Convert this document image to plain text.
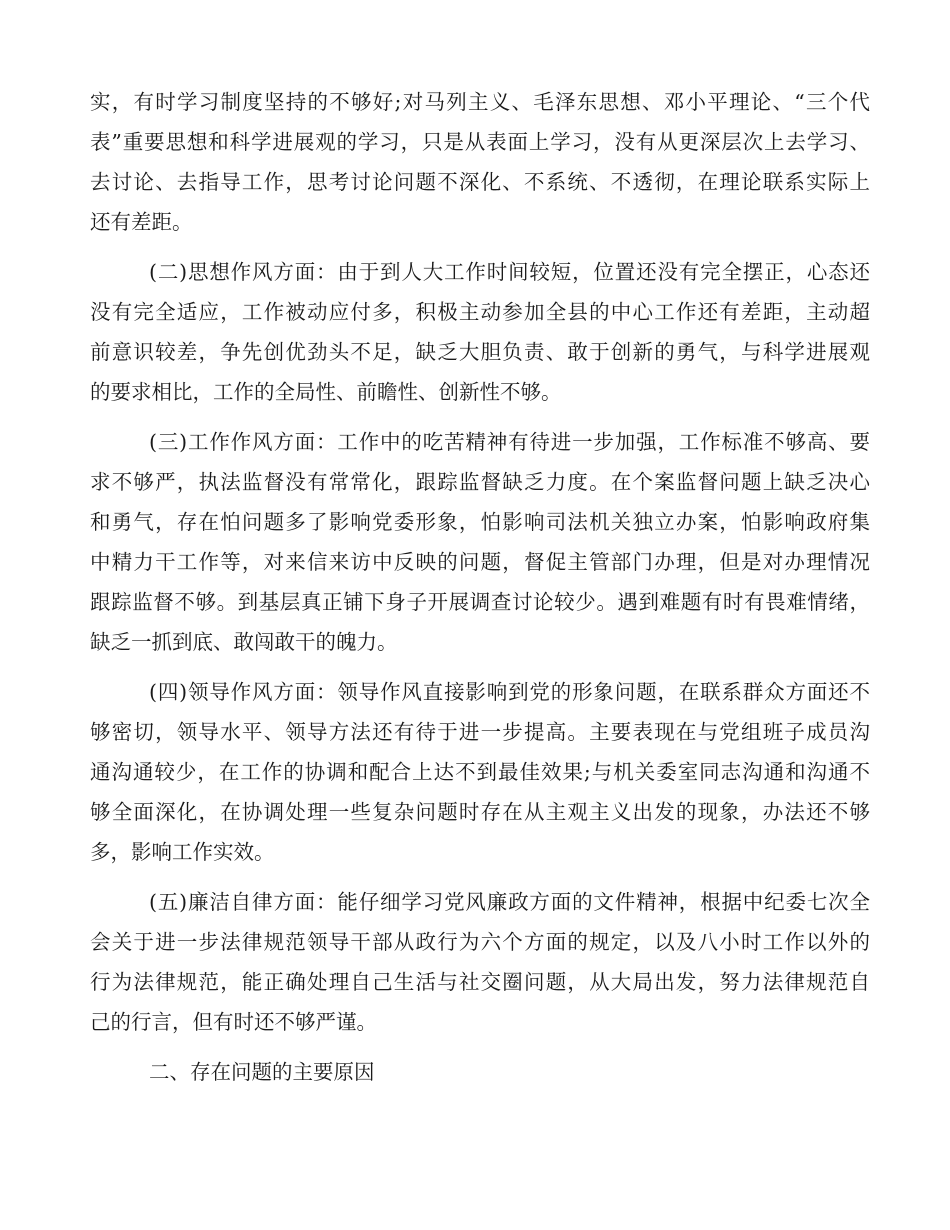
实，有时学习制度坚持的不够好;对马列主义、毛泽东思想、邓小平理论、“三个代
表”重要思想和科学进展观的学习，只是从表面上学习，没有从更深层次上去学习、
去讨论、去指导工作，思考讨论问题不深化、不系统、不透彻，在理论联系实际上
还有差距。
(二)思想作风方面：由于到人大工作时间较短，位置还没有完全摆正，心态还
没有完全适应，工作被动应付多，积极主动参加全县的中心工作还有差距，主动超
前意识较差，争先创优劲头不足，缺乏大胆负责、敢于创新的勇气，与科学进展观
的要求相比，工作的全局性、前瞻性、创新性不够。
(三)工作作风方面：工作中的吃苦精神有待进一步加强，工作标准不够高、要
求不够严，执法监督没有常常化，跟踪监督缺乏力度。在个案监督问题上缺乏决心
和勇气，存在怕问题多了影响党委形象，怕影响司法机关独立办案，怕影响政府集
中精力干工作等，对来信来访中反映的问题，督促主管部门办理，但是对办理情况
跟踪监督不够。到基层真正铺下身子开展调查讨论较少。遇到难题有时有畏难情绪，
缺乏一抓到底、敢闯敢干的魄力。
(四)领导作风方面：领导作风直接影响到党的形象问题，在联系群众方面还不
够密切，领导水平、领导方法还有待于进一步提高。主要表现在与党组班子成员沟
通沟通较少，在工作的协调和配合上达不到最佳效果;与机关委室同志沟通和沟通不
够全面深化，在协调处理一些复杂问题时存在从主观主义出发的现象，办法还不够
多，影响工作实效。
(五)廉洁自律方面：能仔细学习党风廉政方面的文件精神，根据中纪委七次全
会关于进一步法律规范领导干部从政行为六个方面的规定，以及八小时工作以外的
行为法律规范，能正确处理自己生活与社交圈问题，从大局出发，努力法律规范自
己的行言，但有时还不够严谨。
二、存在问题的主要原因
